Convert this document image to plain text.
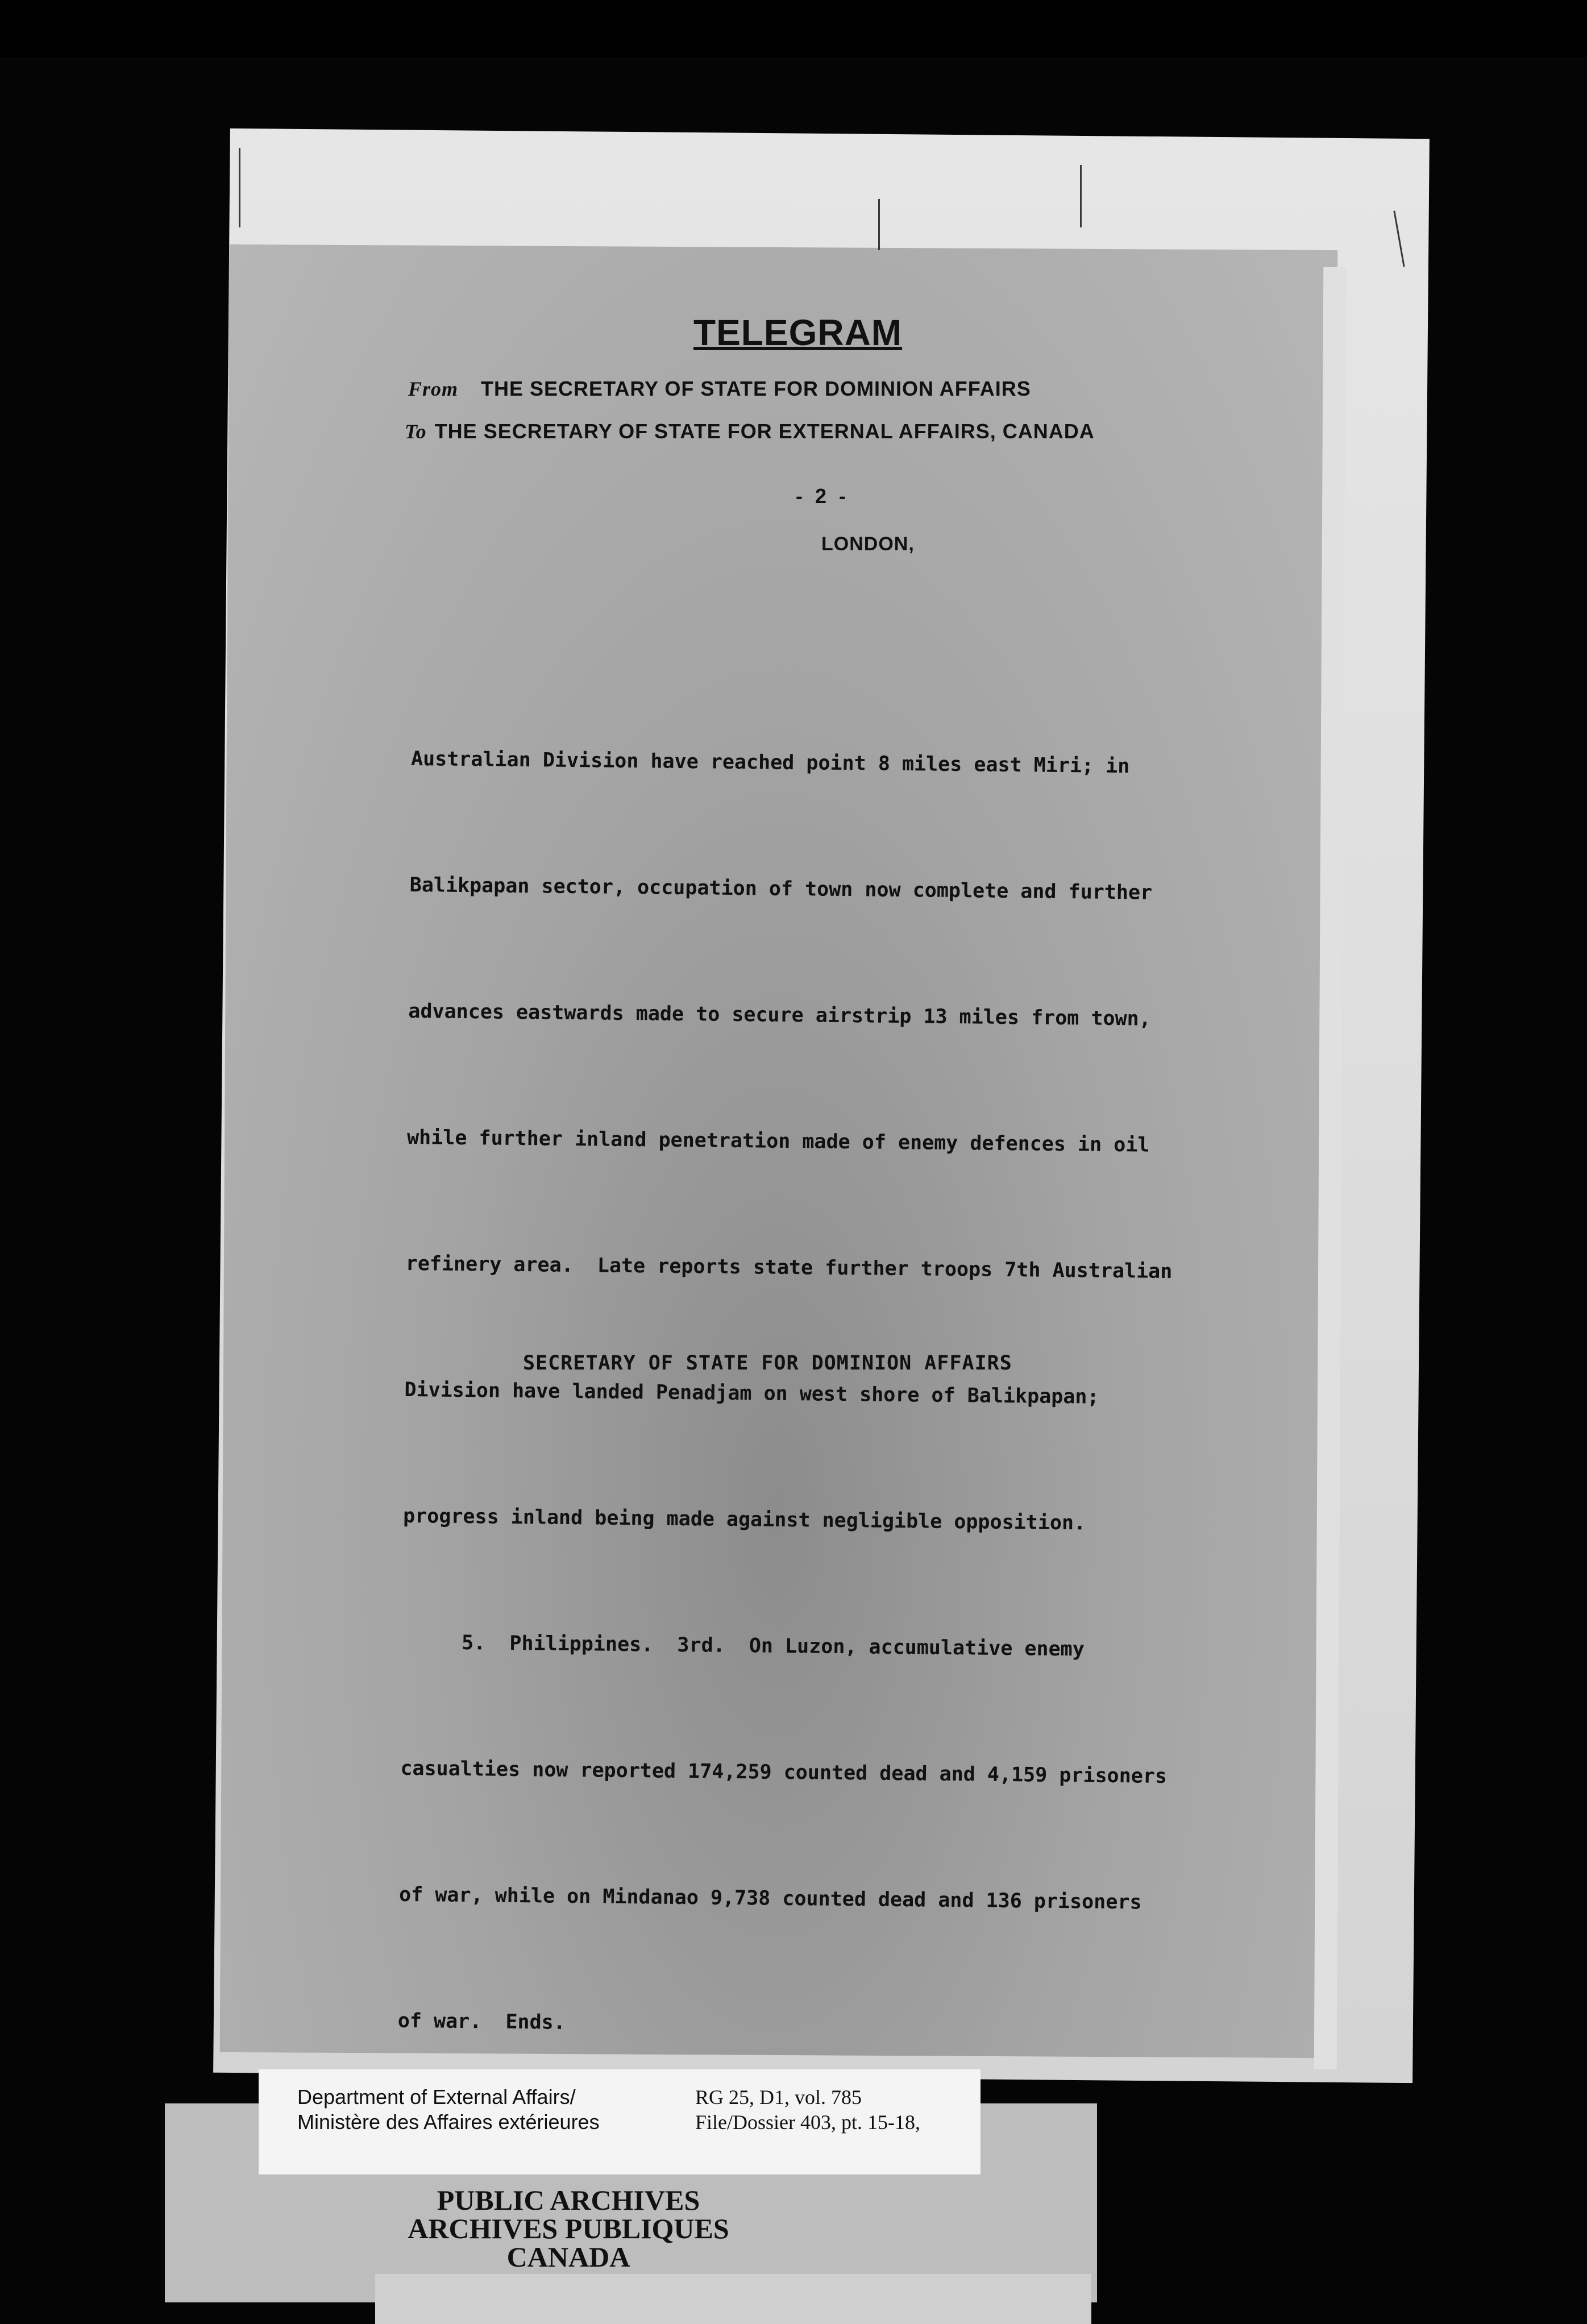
TELEGRAM
From THE SECRETARY OF STATE FOR DOMINION AFFAIRS
To THE SECRETARY OF STATE FOR EXTERNAL AFFAIRS, CANADA
- 2 -
LONDON,

Australian Division have reached point 8 miles east Miri; in

Balikpapan sector, occupation of town now complete and further

advances eastwards made to secure airstrip 13 miles from town,

while further inland penetration made of enemy defences in oil

refinery area.  Late reports state further troops 7th Australian

Division have landed Penadjam on west shore of Balikpapan;

progress inland being made against negligible opposition.

5.  Philippines.  3rd.  On Luzon, accumulative enemy

casualties now reported 174,259 counted dead and 4,159 prisoners

of war, while on Mindanao 9,738 counted dead and 136 prisoners

of war.  Ends.

SECRETARY OF STATE FOR DOMINION AFFAIRS
Department of External Affairs/
Ministère des Affaires extérieures
RG 25, D1, vol. 785
File/Dossier 403, pt. 15-18,
PUBLIC ARCHIVES
ARCHIVES PUBLIQUES
CANADA
